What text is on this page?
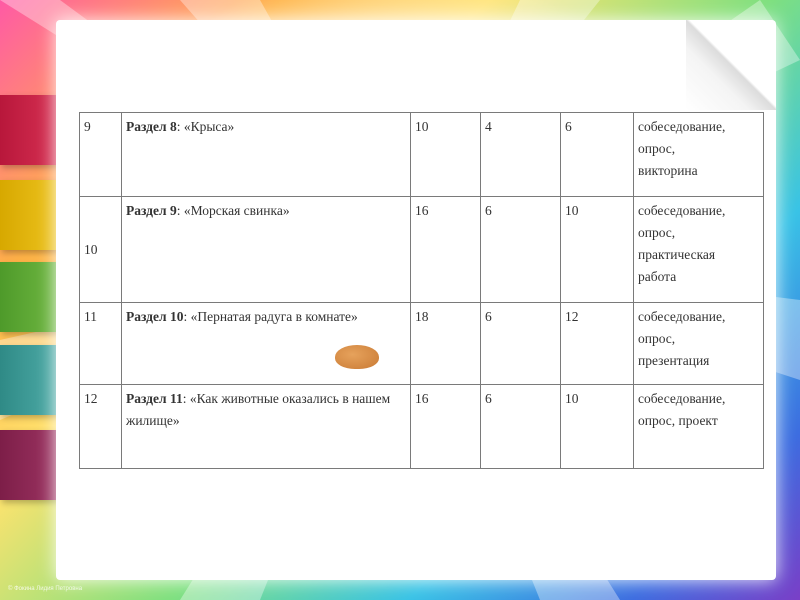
9	Раздел 8: «Крыса»	10	4	6	собеседование,
опрос,
викторина

10	Раздел 9: «Морская свинка»	16	6	10	собеседование,
опрос,
практическая
работа

11	Раздел 10: «Пернатая радуга в комнате»	18	6	12	собеседование,
опрос,
презентация

12	Раздел 11: «Как животные оказались в нашем жилище»	16	6	10	собеседование,
опрос, проект
© Фокина Лидия Петровна
